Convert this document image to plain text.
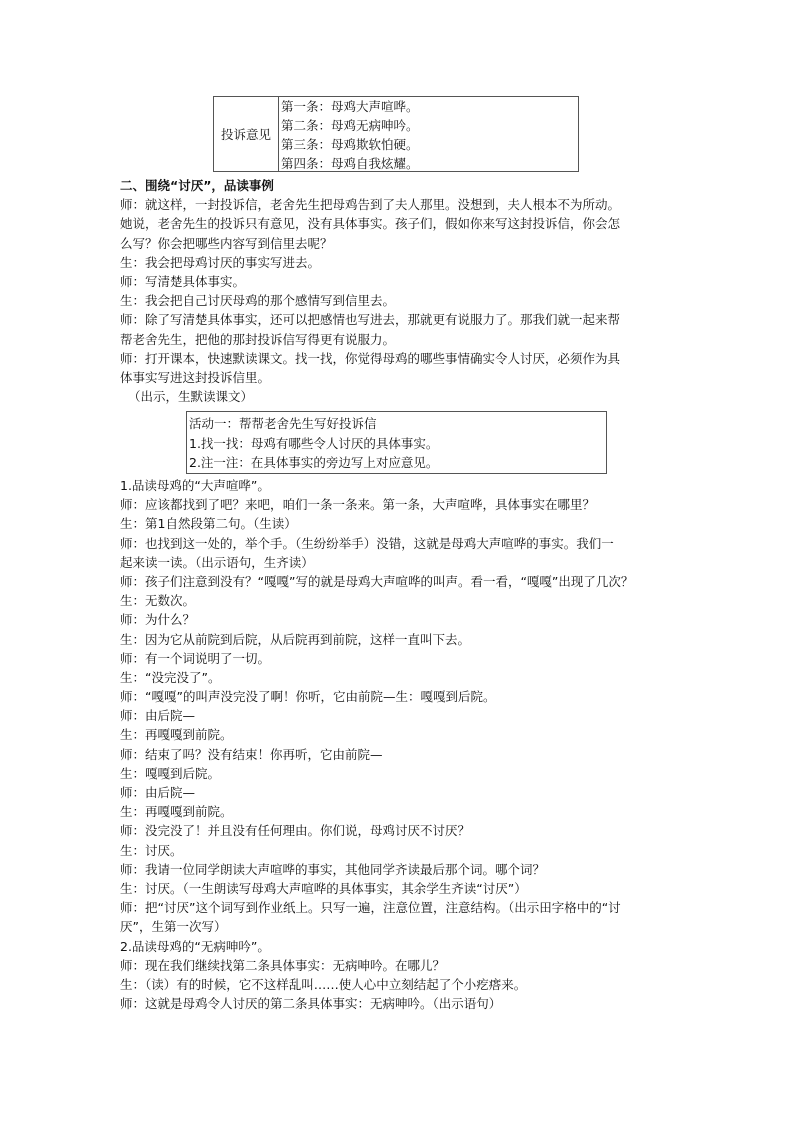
投诉意见
第一条：母鸡大声喧哗。
第二条：母鸡无病呻吟。
第三条：母鸡欺软怕硬。
第四条：母鸡自我炫耀。
二、围绕“讨厌”，品读事例
师：就这样，一封投诉信，老舍先生把母鸡告到了夫人那里。没想到，夫人根本不为所动。
她说，老舍先生的投诉只有意见，没有具体事实。孩子们，假如你来写这封投诉信，你会怎
么写？你会把哪些内容写到信里去呢？
生：我会把母鸡讨厌的事实写进去。
师：写清楚具体事实。
生：我会把自己讨厌母鸡的那个感情写到信里去。
师：除了写清楚具体事实，还可以把感情也写进去，那就更有说服力了。那我们就一起来帮
帮老舍先生，把他的那封投诉信写得更有说服力。
师：打开课本，快速默读课文。找一找，你觉得母鸡的哪些事情确实令人讨厌，必须作为具
体事实写进这封投诉信里。
（出示，生默读课文）
活动一：帮帮老舍先生写好投诉信
1.找一找：母鸡有哪些令人讨厌的具体事实。
2.注一注：在具体事实的旁边写上对应意见。
1.品读母鸡的“大声喧哗”。
师：应该都找到了吧？来吧，咱们一条一条来。第一条，大声喧哗，具体事实在哪里？
生：第1自然段第二句。（生读）
师：也找到这一处的，举个手。（生纷纷举手）没错，这就是母鸡大声喧哗的事实。我们一
起来读一读。（出示语句，生齐读）
师：孩子们注意到没有？“嘎嘎”写的就是母鸡大声喧哗的叫声。看一看，“嘎嘎”出现了几次？
生：无数次。
师：为什么？
生：因为它从前院到后院，从后院再到前院，这样一直叫下去。
师：有一个词说明了一切。
生：“没完没了”。
师：“嘎嘎”的叫声没完没了啊！你听，它由前院—生：嘎嘎到后院。
师：由后院—
生：再嘎嘎到前院。
师：结束了吗？没有结束！你再听，它由前院—
生：嘎嘎到后院。
师：由后院—
生：再嘎嘎到前院。
师：没完没了！并且没有任何理由。你们说，母鸡讨厌不讨厌？
生：讨厌。
师：我请一位同学朗读大声喧哗的事实，其他同学齐读最后那个词。哪个词？
生：讨厌。（一生朗读写母鸡大声喧哗的具体事实，其余学生齐读“讨厌”）
师：把“讨厌”这个词写到作业纸上。只写一遍，注意位置，注意结构。（出示田字格中的“讨
厌”，生第一次写）
2.品读母鸡的“无病呻吟”。
师：现在我们继续找第二条具体事实：无病呻吟。在哪儿？
生：（读）有的时候，它不这样乱叫……使人心中立刻结起了个小疙瘩来。
师：这就是母鸡令人讨厌的第二条具体事实：无病呻吟。（出示语句）
